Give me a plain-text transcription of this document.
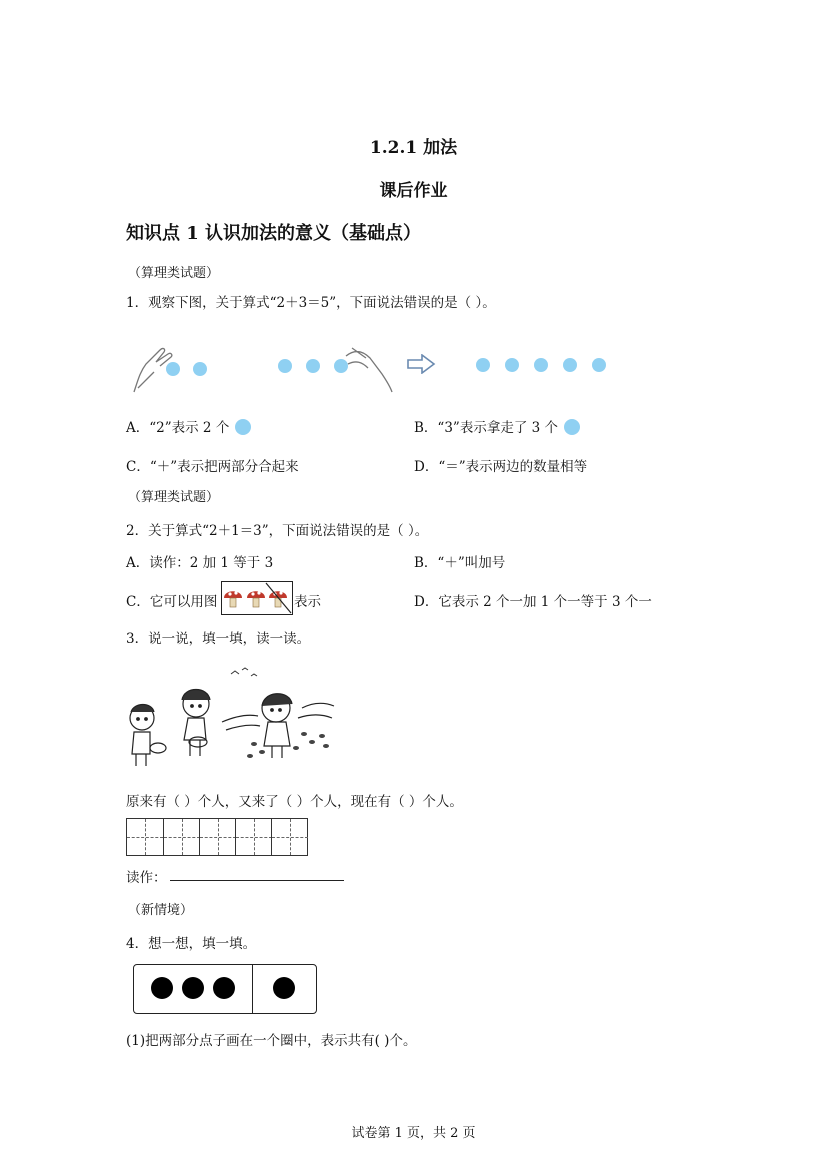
1.2.1 加法
课后作业
知识点 1 认识加法的意义（基础点）
（算理类试题）
1．观察下图，关于算式“2＋3＝5”，下面说法错误的是（ ）。
A．“2”表示 2 个	B．“3”表示拿走了 3 个
C．“＋”表示把两部分合起来	D．“＝”表示两边的数量相等
（算理类试题）
2．关于算式“2＋1＝3”，下面说法错误的是（ ）。
A．读作：2 加 1 等于 3	B．“＋”叫加号
C．它可以用图	表示	D．它表示 2 个一加 1 个一等于 3 个一
3．说一说，填一填，读一读。
原来有（ ）个人，又来了（ ）个人，现在有（ ）个人。
读作：
（新情境）
4．想一想，填一填。
(1)把两部分点子画在一个圈中，表示共有( )个。
试卷第 1 页，共 2 页
